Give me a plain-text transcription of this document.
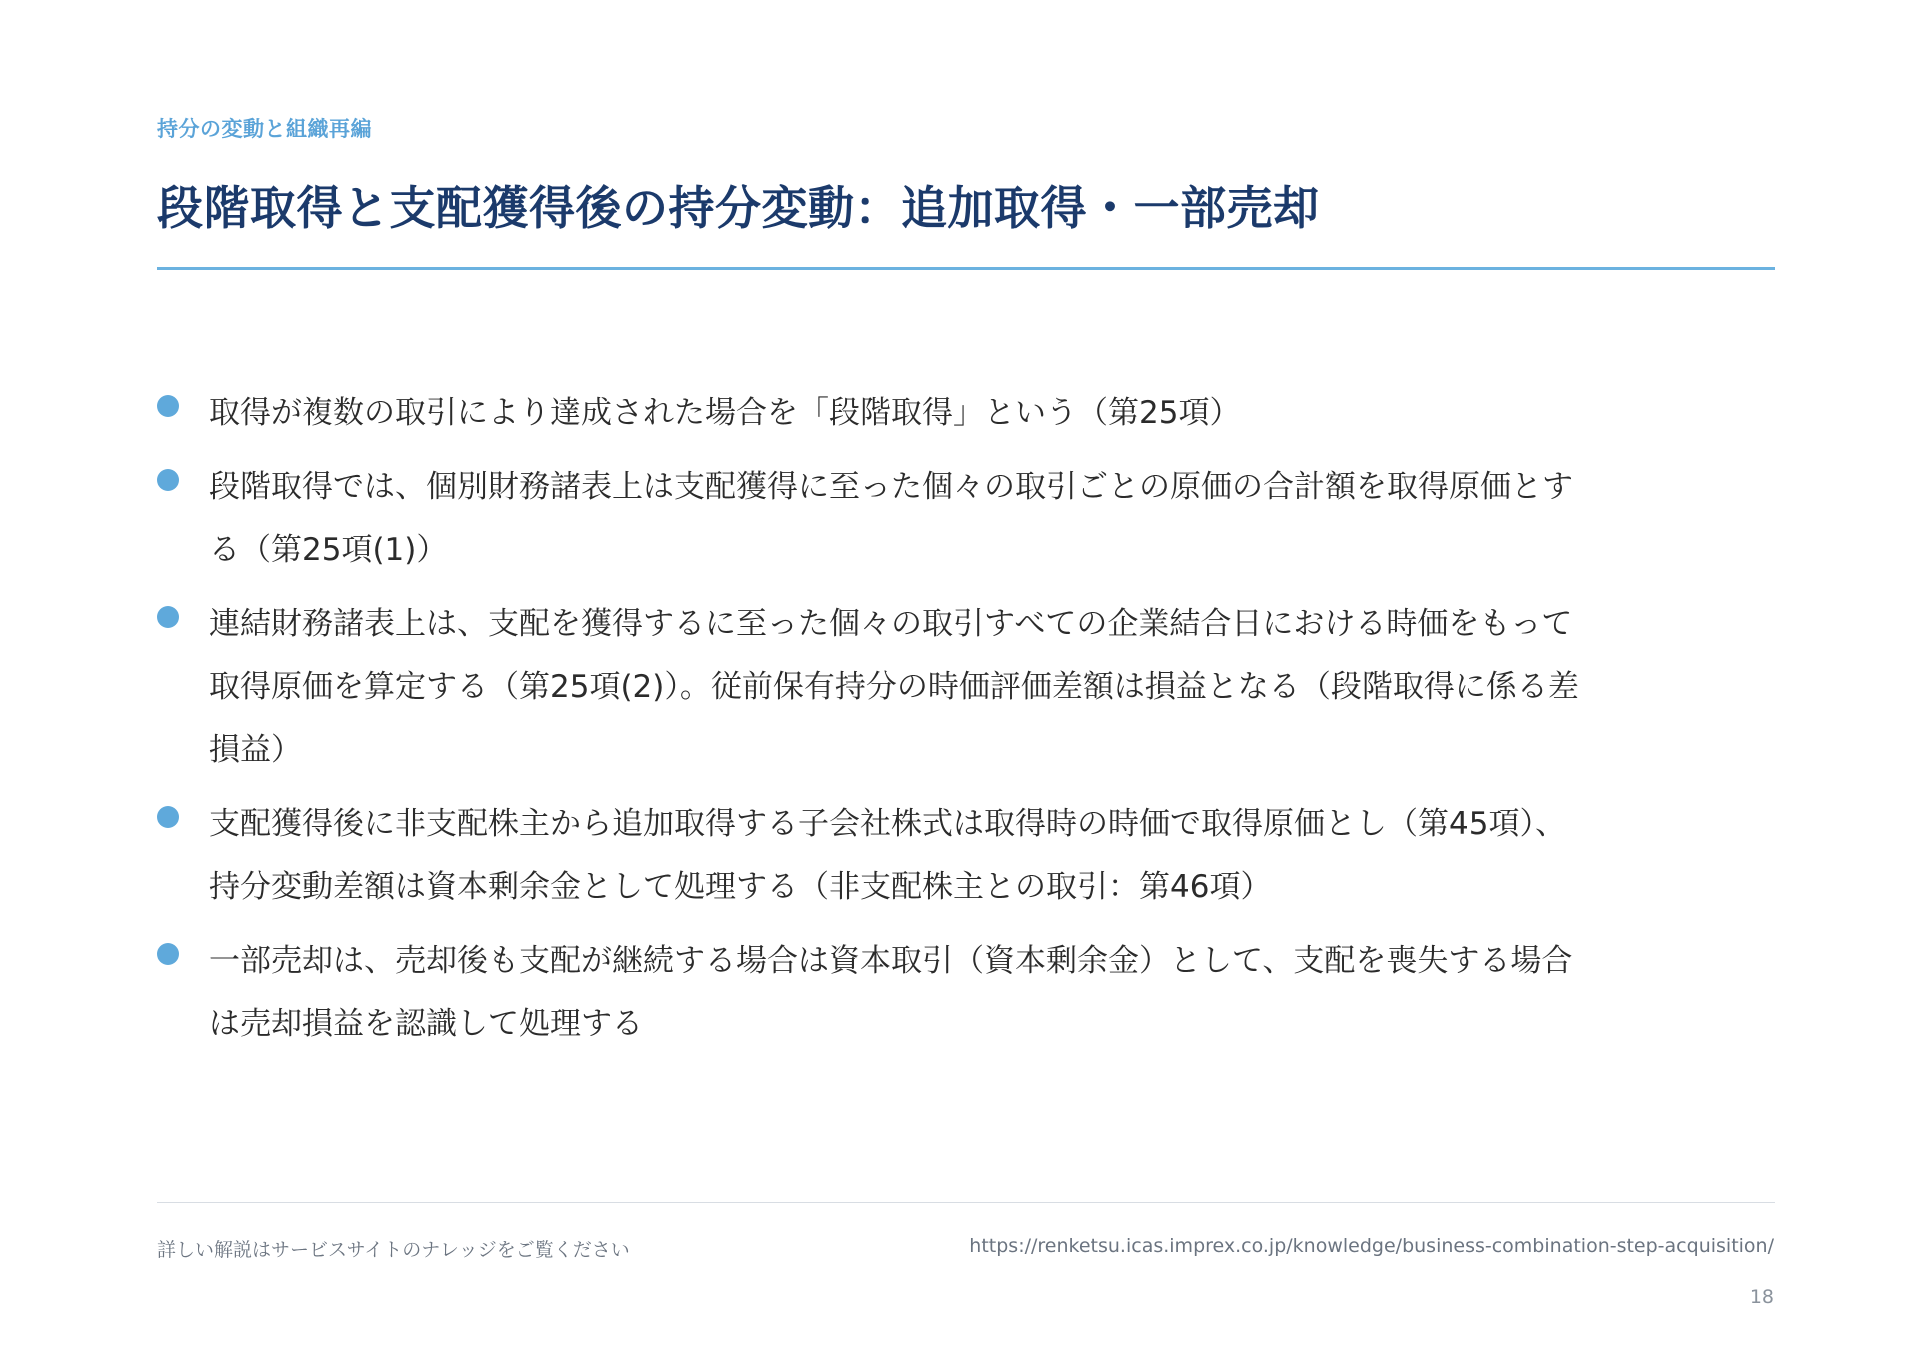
持分の変動と組織再編
段階取得と支配獲得後の持分変動：追加取得・一部売却
取得が複数の取引により達成された場合を「段階取得」という（第25項）
段階取得では、個別財務諸表上は支配獲得に至った個々の取引ごとの原価の合計額を取得原価とする（第25項(1)）
連結財務諸表上は、支配を獲得するに至った個々の取引すべての企業結合日における時価をもって取得原価を算定する（第25項(2)）。従前保有持分の時価評価差額は損益となる（段階取得に係る差損益）
支配獲得後に非支配株主から追加取得する子会社株式は取得時の時価で取得原価とし（第45項）、持分変動差額は資本剰余金として処理する（非支配株主との取引：第46項）
一部売却は、売却後も支配が継続する場合は資本取引（資本剰余金）として、支配を喪失する場合は売却損益を認識して処理する
詳しい解説はサービスサイトのナレッジをご覧ください	https://renketsu.icas.imprex.co.jp/knowledge/business-combination-step-acquisition/
18
